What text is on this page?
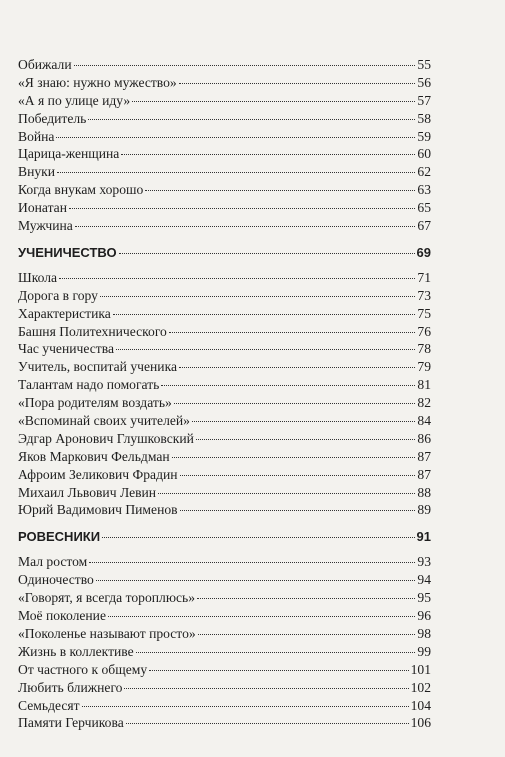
Обижали	55
«Я знаю: нужно мужество»	56
«А я по улице иду»	57
Победитель	58
Война	59
Царица-женщина	60
Внуки	62
Когда внукам хорошо	63
Ионатан	65
Мужчина	67
УЧЕНИЧЕСТВО	69
Школа	71
Дорога в гору	73
Характеристика	75
Башня Политехнического	76
Час ученичества	78
Учитель, воспитай ученика	79
Талантам надо помогать	81
«Пора родителям воздать»	82
«Вспоминай своих учителей»	84
Эдгар Аронович Глушковский	86
Яков Маркович Фельдман	87
Афроим Зеликович Фрадин	87
Михаил Львович Левин	88
Юрий Вадимович Пименов	89
РОВЕСНИКИ	91
Мал ростом	93
Одиночество	94
«Говорят, я всегда тороплюсь»	95
Моё поколение	96
«Поколенье называют просто»	98
Жизнь в коллективе	99
От частного к общему	101
Любить ближнего	102
Семьдесят	104
Памяти Герчикова	106
